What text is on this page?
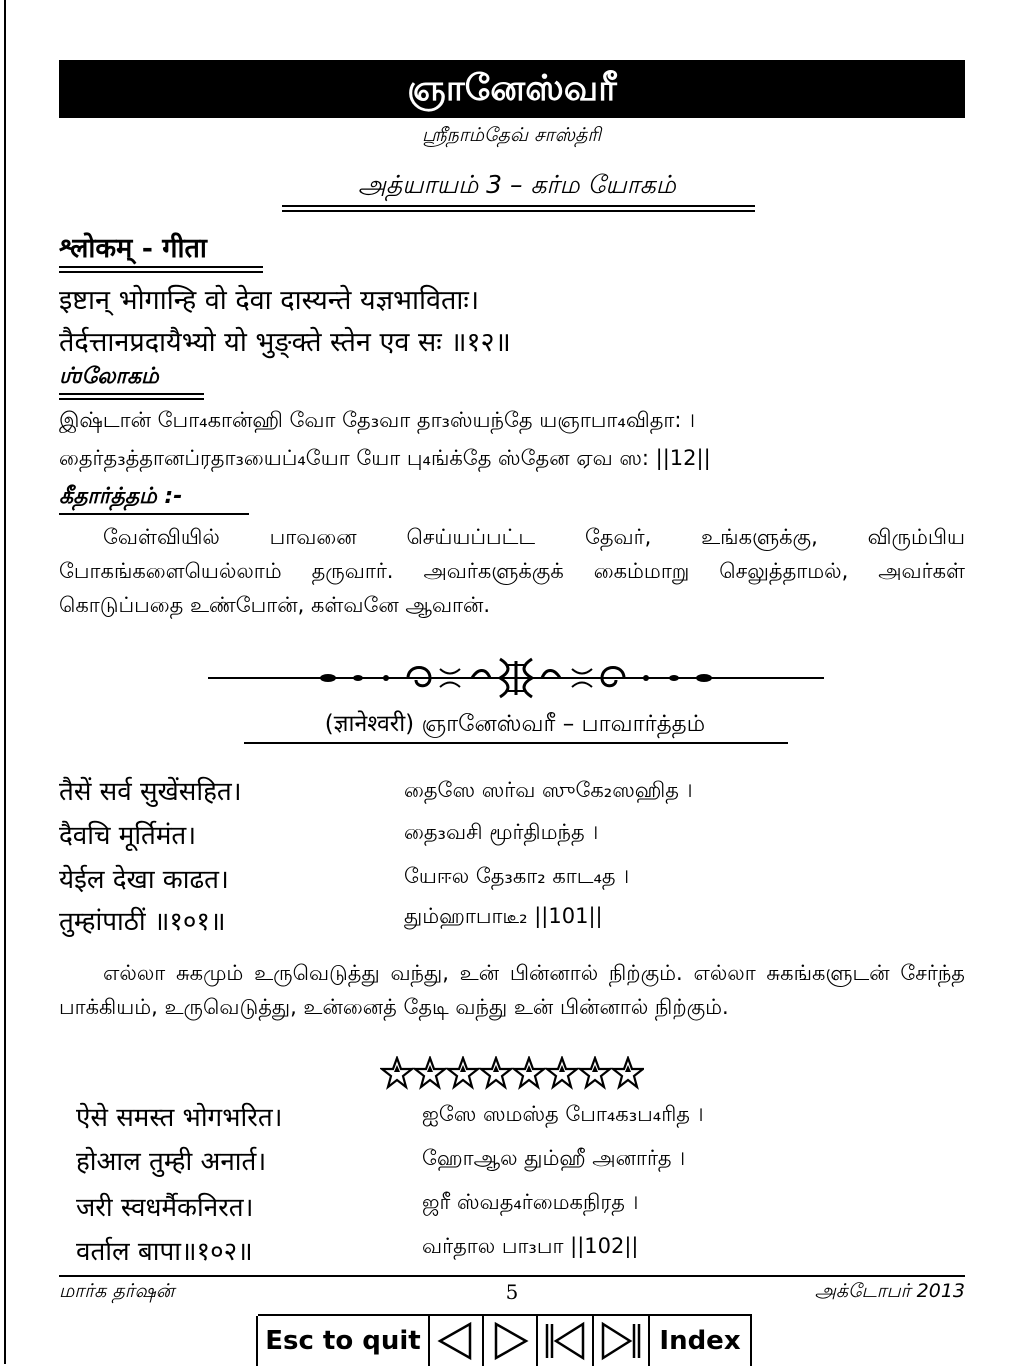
ஞானேஸ்வரீ
ஸ்ரீநாம்தேவ் சாஸ்த்ரி
அத்யாயம் 3 – கர்ம யோகம்
श्लोकम् - गीता
इष्टान् भोगान्हि वो देवा दास्यन्ते यज्ञभाविताः।
तैर्दत्तानप्रदायैभ्यो यो भुङ्क्ते स्तेन एव सः ॥१२॥
ஶ்லோகம்
இஷ்டான் போ₄கான்ஹி வோ தே₃வா தா₃ஸ்யந்தே யஞாபா₄விதா: ।
தைர்த₃த்தானப்ரதா₃யைப்₄யோ யோ பு₄ங்க்தே ஸ்தேன ஏவ ஸ: ||12||
கீதார்த்தம் :-
வேள்வியில் பாவனை செய்யப்பட்ட தேவர், உங்களுக்கு, விரும்பிய போகங்களையெல்லாம் தருவார். அவர்களுக்குக் கைம்மாறு செலுத்தாமல், அவர்கள் கொடுப்பதை உண்போன், கள்வனே ஆவான்.
(ज्ञानेश्वरी) ஞானேஸ்வரீ – பாவார்த்தம்
तैसें सर्व सुखेंसहित।	தைஸே ஸர்வ ஸுகே₂ஸஹித ।
दैवचि मूर्तिमंत।	தை₃வசி மூர்திமந்த ।
येईल देखा काढत।	யேஈல தே₃கா₂ காட₄த ।
तुम्हांपाठीं ॥१०१॥	தும்ஹாபாடீ₂ ||101||
எல்லா சுகமும் உருவெடுத்து வந்து, உன் பின்னால் நிற்கும். எல்லா சுகங்களுடன் சேர்ந்த பாக்கியம், உருவெடுத்து, உன்னைத் தேடி வந்து உன் பின்னால் நிற்கும்.
ऐसे समस्त भोगभरित।	ஐஸே ஸமஸ்த போ₄க₃ப₄ரித ।
होआल तुम्ही अनार्त।	ஹோஆல தும்ஹீ அனார்த ।
जरी स्वधर्मैकनिरत।	ஜரீ ஸ்வத₄ர்மைகநிரத ।
वर्ताल बापा॥१०२॥	வர்தால பா₃பா ||102||
மார்க தர்ஷன்	5	அக்டோபர் 2013
Esc to quit	Index
